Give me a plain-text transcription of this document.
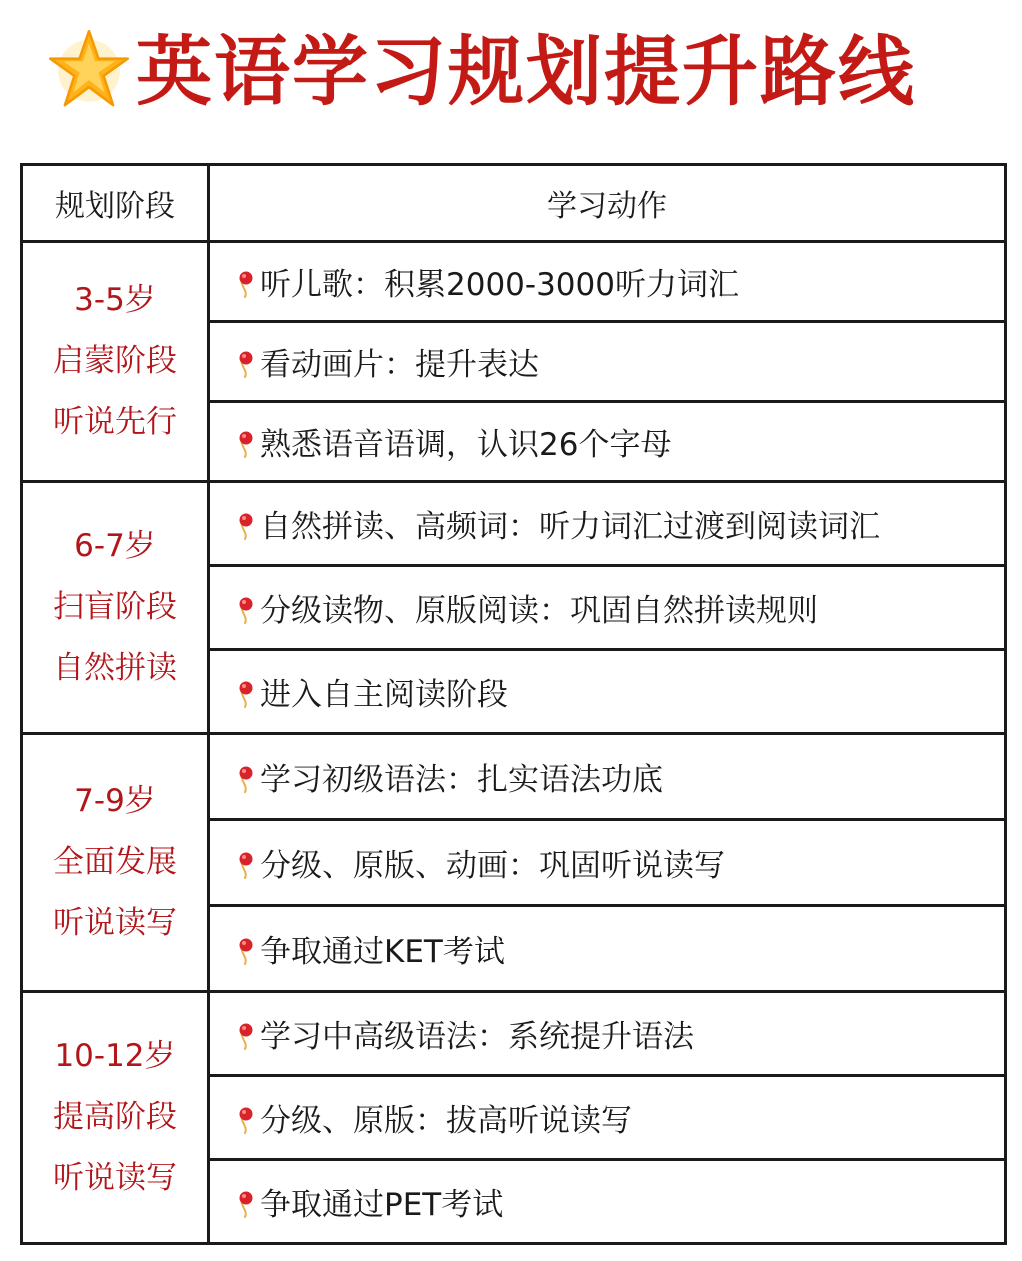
英语学习规划提升路线
规划阶段	学习动作

3-5岁
启蒙阶段
听说先行	听儿歌：积累2000-3000听力词汇
	看动画片：提升表达
	熟悉语音语调，认识26个字母

6-7岁
扫盲阶段
自然拼读	自然拼读、高频词：听力词汇过渡到阅读词汇
	分级读物、原版阅读：巩固自然拼读规则
	进入自主阅读阶段

7-9岁
全面发展
听说读写	学习初级语法：扎实语法功底
	分级、原版、动画：巩固听说读写
	争取通过KET考试

10-12岁
提高阶段
听说读写	学习中高级语法：系统提升语法
	分级、原版：拔高听说读写
	争取通过PET考试
